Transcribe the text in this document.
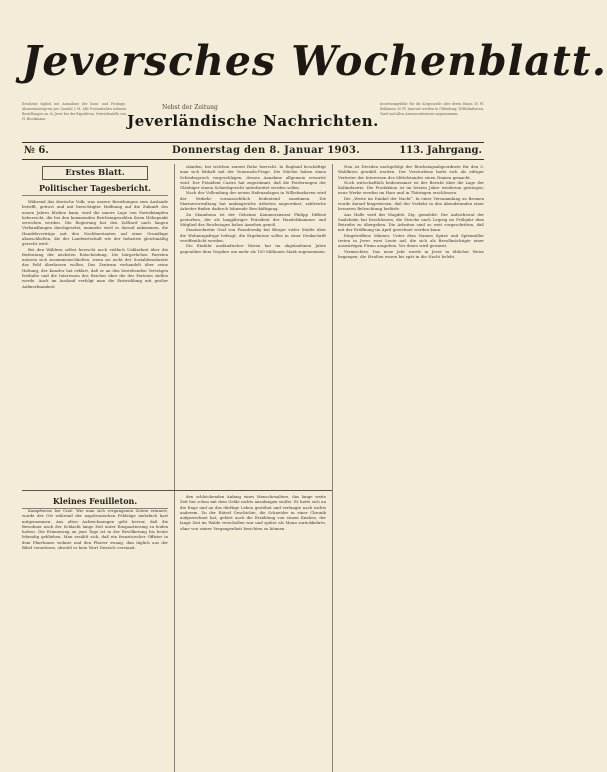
Jeversches Wochenblatt.
Erscheint täglich mit Ausnahme der Sonn- und Festtage. Abonnementspreis pro Quartal 2 M. Alle Postanstalten nehmen Bestellungen an. In Jever bei der Expedition, Vertriebsstelle von H. Brockmann.
Nebst der Zeitung
Jeverländische Nachrichten.
Insertionsgebühr für die Korpuszeile oder deren Raum 10 Pf. Reklamen 30 Pf. Inserate werden in Oldenburg, Wilhelmshaven, Varel und allen Annoncenbureaus angenommen.
№ 6.	Donnerstag den 8. Januar 1903.	113. Jahrgang.
Erstes Blatt.
Politischer Tagesbericht.

Während das deutsche Volk, was unsere Beziehungen zum Auslande betrifft, getrost und mit berechtigter Hoffnung auf die Zukunft des neuen Jahres blicken kann, wird die innere Lage von Parteikämpfen beherrscht, die bei den kommenden Reichstagswahlen ihren Höhepunkt erreichen werden. Die Regierung hat den Zolltarif nach langen Verhandlungen durchgesetzt; nunmehr wird es darauf ankommen, die Handelsverträge mit den Nachbarstaaten auf einer Grundlage abzuschließen, die der Landwirtschaft wie der Industrie gleichmäßig gerecht wird.

Bei den Wählern selbst herrscht noch vielfach Unklarheit über die Bedeutung der nächsten Entscheidung. Die bürgerlichen Parteien müssen sich zusammenschließen, wenn sie nicht der Sozialdemokratie das Feld überlassen wollen. Das Zentrum verhandelt über seine Haltung; der Kanzler hat erklärt, daß er an den bestehenden Verträgen festhalte und die Interessen des Reiches über die der Parteien stellen werde. Auch im Ausland verfolgt man die Entwicklung mit großer Aufmerksamkeit.

ständen, bei welchen zurzeit Ruhe herrscht. In England beschäftigt man sich lebhaft mit der Venezuela-Frage. Die Mächte haben einen Schiedsspruch vorgeschlagen, dessen Annahme allgemein erwartet wird. Der Präsident Castro hat zugestimmt, daß die Forderungen der Gläubiger einem Schiedsgericht unterbreitet werden sollen.

Nach der Vollendung der neuen Hafenanlagen in Wilhelmshaven wird der Verkehr voraussichtlich bedeutend zunehmen. Die Marineverwaltung hat umfangreiche Arbeiten angeordnet; zahlreiche Arbeiter finden dadurch lohnende Beschäftigung.

Zu Mannheim ist der Geheime Kommerzienrat Philipp Diffené gestorben, der als langjähriger Präsident der Handelskammer und Mitglied des Reichstages hohes Ansehen genoß.

Staatssekretär Graf von Posadowsky hat Bürger vieler Städte über die Wohnungsfrage befragt; die Ergebnisse sollen in einer Denkschrift veröffentlicht werden.

Die Einfuhr ausländischer Waren hat im abgelaufenen Jahre gegenüber dem Vorjahre um mehr als 100 Millionen Mark zugenommen.

Nun ist Dresden nachgefolgt der Reichstagsabgeordnete für den 5. Wahlkreis gewählt worden. Der Verstorbene hatte sich als eifriger Vertreter der Interessen des Mittelstandes einen Namen gemacht.

Noch wirtschaftlich bedeutsamer ist der Bericht über die Lage der Kaliindustrie. Die Produktion ist im letzten Jahre wiederum gestiegen; neue Werke werden im Harz und in Thüringen erschlossen.

Die „Weste im Dunkel der Nacht“. In einer Versammlung zu Bremen wurde darauf hingewiesen, daß der Verkehr in den Abendstunden einer besseren Beleuchtung bedürfe.

Aus Halle wird der Magdeb. Ztg. gemeldet: Der Aufsichtsrat der Saalebahn hat beschlossen, die Strecke nach Leipzig im Frühjahr dem Betriebe zu übergeben. Die Arbeiten sind so weit vorgeschritten, daß mit der Eröffnung im April gerechnet werden kann.

Eingetroffene Männer. Unter dem Namen Spitze und Spitzmüller treten in Jever zwei Leute auf, die sich als Bevollmächtigte einer auswärtigen Firma ausgeben. Vor ihnen wird gewarnt.

Vermischtes. Das neue Jahr wurde in Jever in üblicher Weise begangen; die Straßen waren bis spät in die Nacht belebt.

Kleines Feuilleton.

Kampfweise bei Craë. Wie man sich vergangenen Zeiten erinnert, wurde der Ort während der napoleonischen Feldzüge mehrfach hart mitgenommen. Aus alten Aufzeichnungen geht hervor, daß die Bewohner nach der Schlacht lange Zeit unter Einquartierung zu leiden hatten. Die Erinnerung an jene Tage ist in der Bevölkerung bis heute lebendig geblieben. Man erzählt sich, daß ein französischer Offizier in dem Pfarrhause wohnte und den Pfarrer zwang, ihm täglich aus der Bibel vorzulesen, obwohl er kein Wort Deutsch verstand.

den schleichenden Anfang eines Menschenalters, das lange weite Zeit her schon mit dem Gelde nichts anzufangen wußte. Er hatte sich an die Enge und an das dürftige Leben gewöhnt und verlangte nach nichts anderem. Zu der Rätsel Geschichte, die Schneider in einer Chronik aufgezeichnet hat, gehört auch die Erzählung von einem Knaben, der lange Zeit im Walde verschollen war und später als Mann zurückkehrte, ohne von seiner Vergangenheit berichten zu können.
